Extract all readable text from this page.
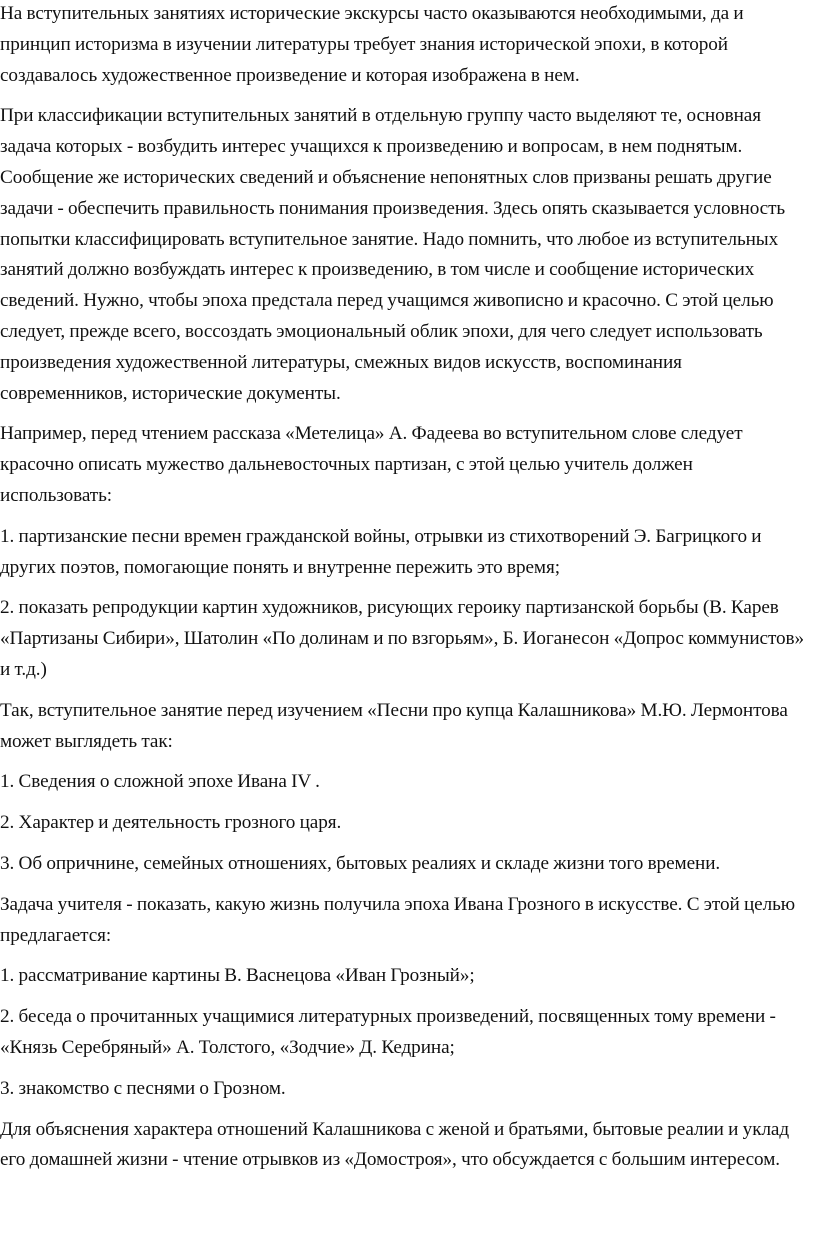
На вступительных занятиях исторические экскурсы часто оказываются необходимыми, да и принцип историзма в изучении литературы требует знания исторической эпохи, в которой создавалось художественное произведение и которая изображена в нем.

При классификации вступительных занятий в отдельную группу часто выделяют те, основная задача которых - возбудить интерес учащихся к произведению и вопросам, в нем поднятым. Сообщение же исторических сведений и объяснение непонятных слов призваны решать другие задачи - обеспечить правильность понимания произведения. Здесь опять сказывается условность попытки классифицировать вступительное занятие. Надо помнить, что любое из вступительных занятий должно возбуждать интерес к произведению, в том числе и сообщение исторических сведений. Нужно, чтобы эпоха предстала перед учащимся живописно и красочно. С этой целью следует, прежде всего, воссоздать эмоциональный облик эпохи, для чего следует использовать произведения художественной литературы, смежных видов искусств, воспоминания современников, исторические документы.

Например, перед чтением рассказа «Метелица» А. Фадеева во вступительном слове следует красочно описать мужество дальневосточных партизан, с этой целью учитель должен использовать:

1. партизанские песни времен гражданской войны, отрывки из стихотворений Э. Багрицкого и других поэтов, помогающие понять и внутренне пережить это время;

2. показать репродукции картин художников, рисующих героику партизанской борьбы (В. Карев «Партизаны Сибири», Шатолин «По долинам и по взгорьям», Б. Иоганесон «Допрос коммунистов» и т.д.)

Так, вступительное занятие перед изучением «Песни про купца Калашникова» М.Ю. Лермонтова может выглядеть так:

1. Сведения о сложной эпохе Ивана IV .

2. Характер и деятельность грозного царя.

3. Об опричнине, семейных отношениях, бытовых реалиях и складе жизни того времени.

Задача учителя - показать, какую жизнь получила эпоха Ивана Грозного в искусстве. С этой целью предлагается:

1. рассматривание картины В. Васнецова «Иван Грозный»;

2. беседа о прочитанных учащимися литературных произведений, посвященных тому времени - «Князь Серебряный» А. Толстого, «Зодчие» Д. Кедрина;

3. знакомство с песнями о Грозном.

Для объяснения характера отношений Калашникова с женой и братьями, бытовые реалии и уклад его домашней жизни - чтение отрывков из «Домостроя», что обсуждается с большим интересом.
